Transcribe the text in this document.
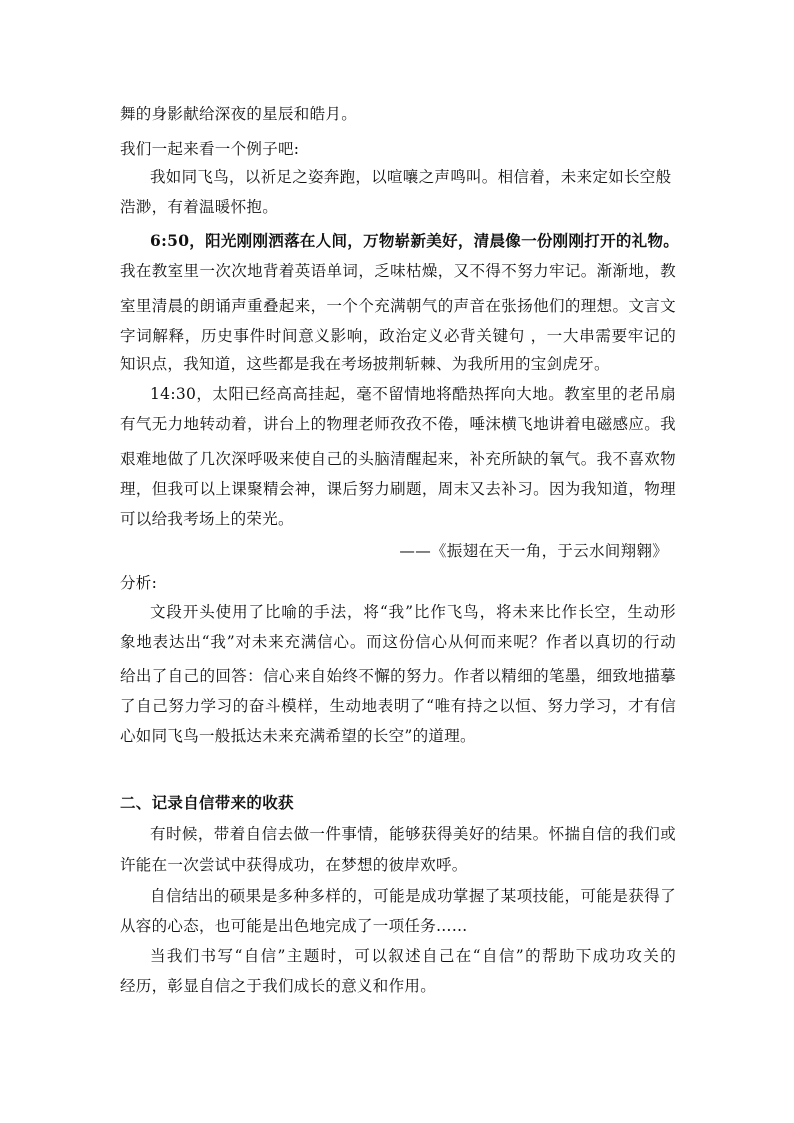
舞的身影献给深夜的星辰和皓月。
我们一起来看一个例子吧:
我如同飞鸟，以祈足之姿奔跑，以喧嚷之声鸣叫。相信着，未来定如长空般
浩渺，有着温暖怀抱。
6:50，阳光刚刚洒落在人间，万物崭新美好，清晨像一份刚刚打开的礼物。
我在教室里一次次地背着英语单词，乏味枯燥，又不得不努力牢记。渐渐地，教
室里清晨的朗诵声重叠起来，一个个充满朝气的声音在张扬他们的理想。文言文
字词解释，历史事件时间意义影响，政治定义必背关键句 ，一大串需要牢记的
知识点，我知道，这些都是我在考场披荆斩棘、为我所用的宝剑虎牙。
14:30，太阳已经高高挂起，毫不留情地将酷热挥向大地。教室里的老吊扇
有气无力地转动着，讲台上的物理老师孜孜不倦，唾沫横飞地讲着电磁感应。我
艰难地做了几次深呼吸来使自己的头脑清醒起来，补充所缺的氧气。我不喜欢物
理，但我可以上课聚精会神，课后努力刷题，周末又去补习。因为我知道，物理
可以给我考场上的荣光。
——《振翅在天一角，于云水间翔翱》
分析:
文段开头使用了比喻的手法，将“我”比作飞鸟，将未来比作长空，生动形
象地表达出“我”对未来充满信心。而这份信心从何而来呢？作者以真切的行动
给出了自己的回答：信心来自始终不懈的努力。作者以精细的笔墨，细致地描摹
了自己努力学习的奋斗模样，生动地表明了“唯有持之以恒、努力学习，才有信
心如同飞鸟一般抵达未来充满希望的长空”的道理。
二、记录自信带来的收获
有时候，带着自信去做一件事情，能够获得美好的结果。怀揣自信的我们或
许能在一次尝试中获得成功，在梦想的彼岸欢呼。
自信结出的硕果是多种多样的，可能是成功掌握了某项技能，可能是获得了
从容的心态，也可能是出色地完成了一项任务……
当我们书写“自信”主题时，可以叙述自己在“自信”的帮助下成功攻关的
经历，彰显自信之于我们成长的意义和作用。
